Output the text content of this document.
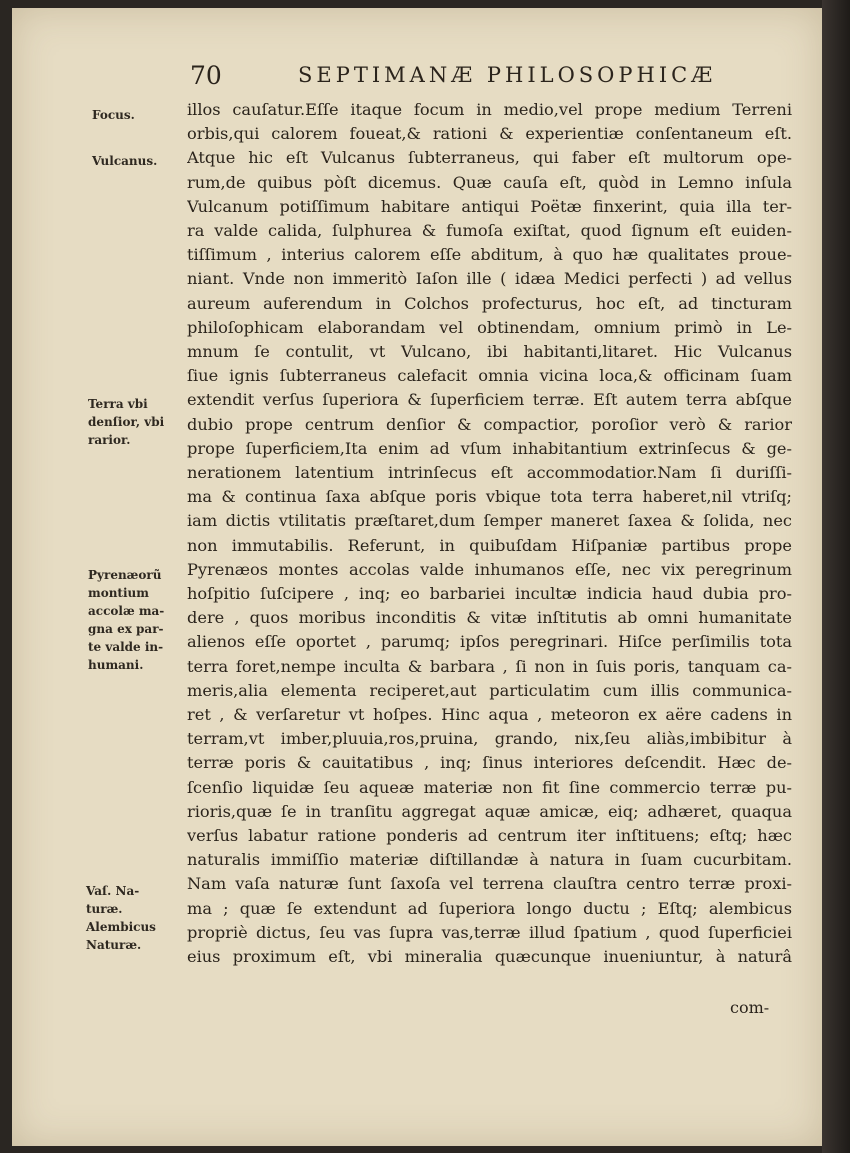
70	SEPTIMANÆ PHILOSOPHICÆ
Focus.
Vulcanus.
Terra vbi
denſior, vbi
rarior.
Pyrenæorũ
montium
accolæ ma-
gna ex par-
te valde in-
humani.
Vaſ. Na-
turæ.
Alembicus
Naturæ.
illos cauſatur.Eſſe itaque focum in medio,vel prope medium Terreni
orbis,qui calorem foueat,& rationi & experientiæ conſentaneum eſt.
Atque hic eſt Vulcanus ſubterraneus, qui faber eſt multorum ope-
rum,de quibus pòſt dicemus. Quæ cauſa eſt, quòd in Lemno inſula
Vulcanum potiſſimum habitare antiqui Poëtæ finxerint, quia illa ter-
ra valde calida, ſulphurea & fumoſa exiſtat, quod ſignum eſt euiden-
tiſſimum , interius calorem eſſe abditum, à quo hæ qualitates proue-
niant. Vnde non immeritò Iaſon ille ( idæa Medici perfecti ) ad vellus
aureum auferendum in Colchos profecturus, hoc eſt, ad tincturam
philoſophicam elaborandam vel obtinendam, omnium primò in Le-
mnum ſe contulit, vt Vulcano, ibi habitanti,litaret. Hic Vulcanus
ſiue ignis ſubterraneus calefacit omnia vicina loca,& officinam ſuam
extendit verſus ſuperiora & ſuperficiem terræ. Eſt autem terra abſque
dubio prope centrum denſior & compactior, poroſior verò & rarior
prope ſuperficiem,Ita enim ad vſum inhabitantium extrinſecus & ge-
nerationem latentium intrinſecus eſt accommodatior.Nam ſi duriſſi-
ma & continua ſaxa abſque poris vbique tota terra haberet,nil vtriſq;
iam dictis vtilitatis præſtaret,dum ſemper maneret ſaxea & ſolida, nec
non immutabilis. Referunt, in quibuſdam Hiſpaniæ partibus prope
Pyrenæos montes accolas valde inhumanos eſſe, nec vix peregrinum
hoſpitio ſuſcipere , inq; eo barbariei incultæ indicia haud dubia pro-
dere , quos moribus inconditis & vitæ inſtitutis ab omni humanitate
alienos eſſe oportet , parumq; ipſos peregrinari. Hiſce perſimilis tota
terra foret,nempe inculta & barbara , ſi non in ſuis poris, tanquam ca-
meris,alia elementa reciperet,aut particulatim cum illis communica-
ret , & verſaretur vt hoſpes. Hinc aqua , meteoron ex aëre cadens in
terram,vt imber,pluuia,ros,pruina, grando, nix,ſeu aliàs,imbibitur à
terræ poris & cauitatibus , inq; ſinus interiores deſcendit. Hæc de-
ſcenſio liquidæ ſeu aqueæ materiæ non fit ſine commercio terræ pu-
rioris,quæ ſe in tranſitu aggregat aquæ amicæ, eiq; adhæret, quaqua
verſus labatur ratione ponderis ad centrum iter inſtituens; eſtq; hæc
naturalis immiſſio materiæ diſtillandæ à natura in ſuam cucurbitam.
Nam vaſa naturæ ſunt ſaxoſa vel terrena clauſtra centro terræ proxi-
ma ; quæ ſe extendunt ad ſuperiora longo ductu ; Eſtq; alembicus
propriè dictus, ſeu vas ſupra vas,terræ illud ſpatium , quod ſuperficiei
eius proximum eſt, vbi mineralia quæcunque inueniuntur, à naturâ
com-
